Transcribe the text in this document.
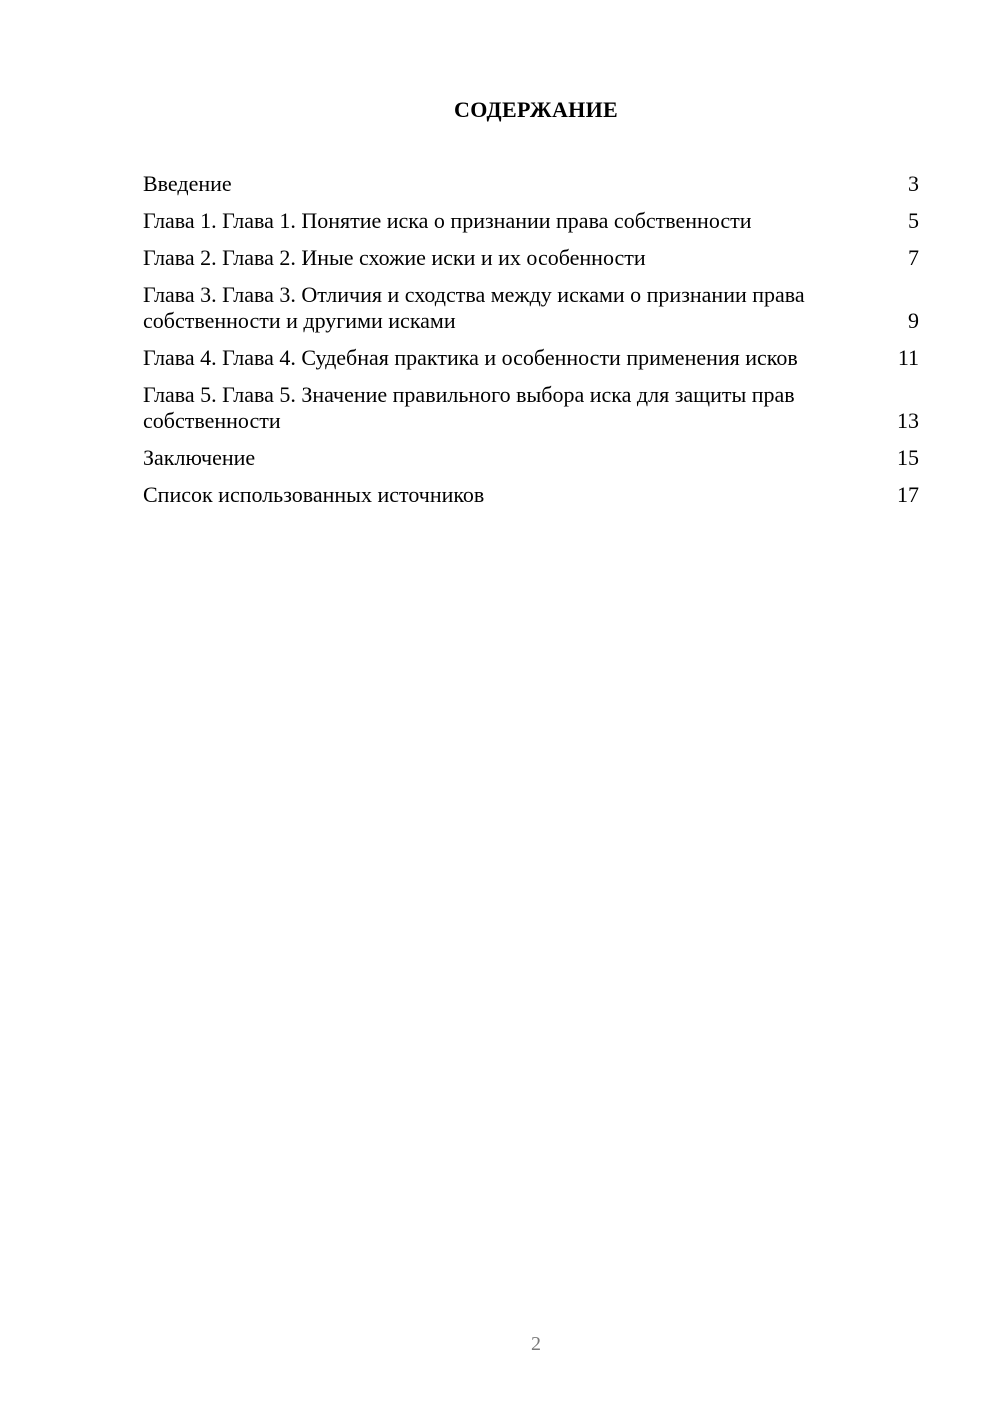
СОДЕРЖАНИЕ
Введение	3
Глава 1. Глава 1. Понятие иска о признании права собственности	5
Глава 2. Глава 2. Иные схожие иски и их особенности	7
Глава 3. Глава 3. Отличия и сходства между исками о признании права собственности и другими исками	9
Глава 4. Глава 4. Судебная практика и особенности применения исков	11
Глава 5. Глава 5. Значение правильного выбора иска для защиты прав собственности	13
Заключение	15
Список использованных источников	17
2
